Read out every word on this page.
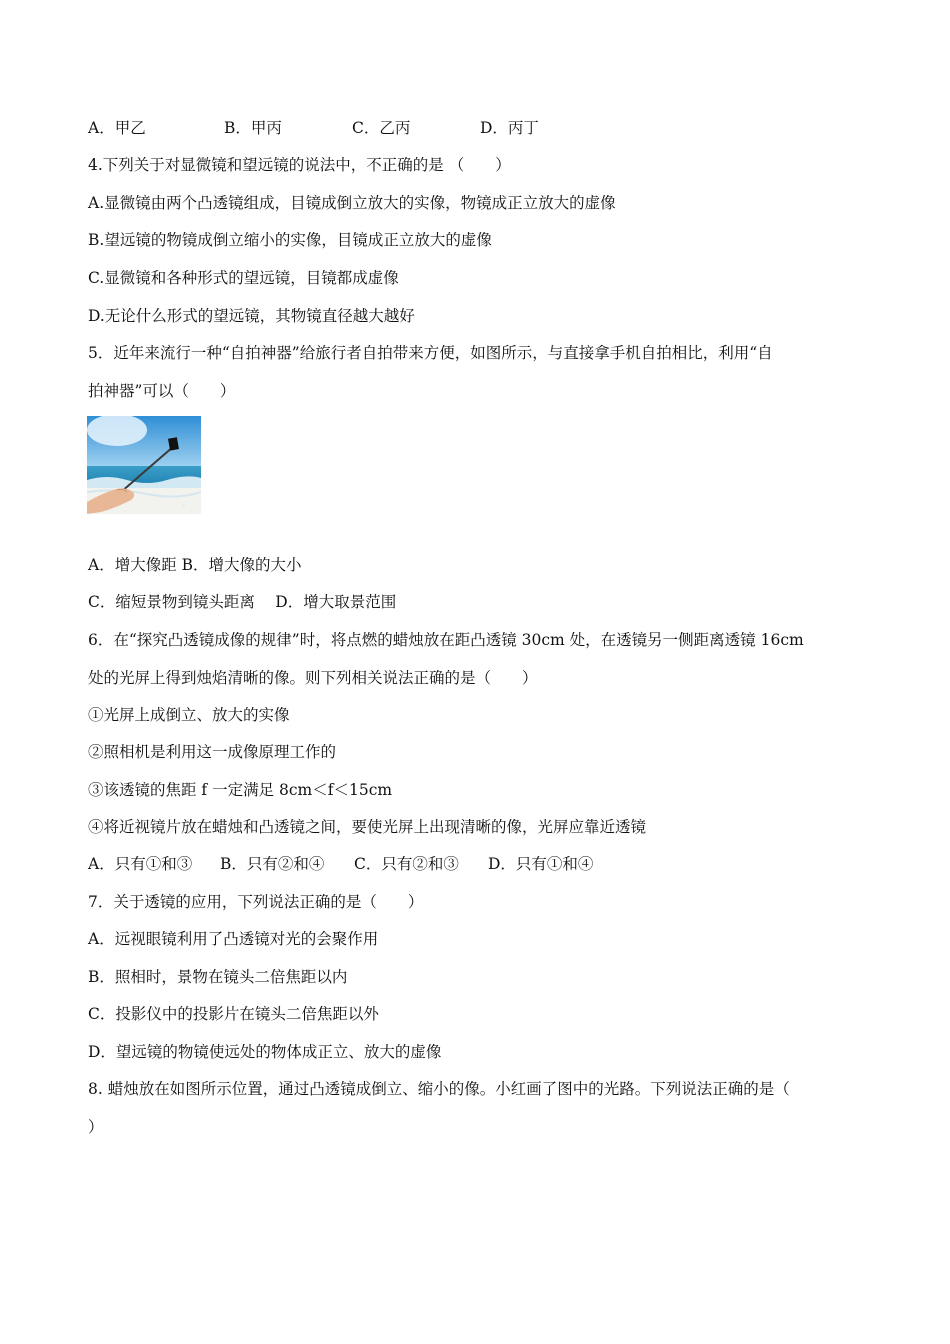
A．甲乙	B．甲丙	C．乙丙	D．丙丁
4.下列关于对显微镜和望远镜的说法中，不正确的是 （　　）
A.显微镜由两个凸透镜组成，目镜成倒立放大的实像，物镜成正立放大的虚像
B.望远镜的物镜成倒立缩小的实像，目镜成正立放大的虚像
C.显微镜和各种形式的望远镜，目镜都成虚像
D.无论什么形式的望远镜，其物镜直径越大越好
5．近年来流行一种“自拍神器”给旅行者自拍带来方便，如图所示，与直接拿手机自拍相比，利用“自
拍神器”可以（　　）
·
A．增大像距 B．增大像的大小
C．缩短景物到镜头距离　 D．增大取景范围
6．在“探究凸透镜成像的规律”时，将点燃的蜡烛放在距凸透镜 30cm 处，在透镜另一侧距离透镜 16cm
处的光屏上得到烛焰清晰的像。则下列相关说法正确的是（　　）
①光屏上成倒立、放大的实像
②照相机是利用这一成像原理工作的
③该透镜的焦距 f 一定满足 8cm＜f＜15cm
④将近视镜片放在蜡烛和凸透镜之间，要使光屏上出现清晰的像，光屏应靠近透镜
A．只有①和③ B．只有②和④ C．只有②和③ D．只有①和④
7．关于透镜的应用，下列说法正确的是（　　）
A．远视眼镜利用了凸透镜对光的会聚作用
B．照相时，景物在镜头二倍焦距以内
C．投影仪中的投影片在镜头二倍焦距以外
D．望远镜的物镜使远处的物体成正立、放大的虚像
8. 蜡烛放在如图所示位置，通过凸透镜成倒立、缩小的像。小红画了图中的光路。下列说法正确的是（
）
